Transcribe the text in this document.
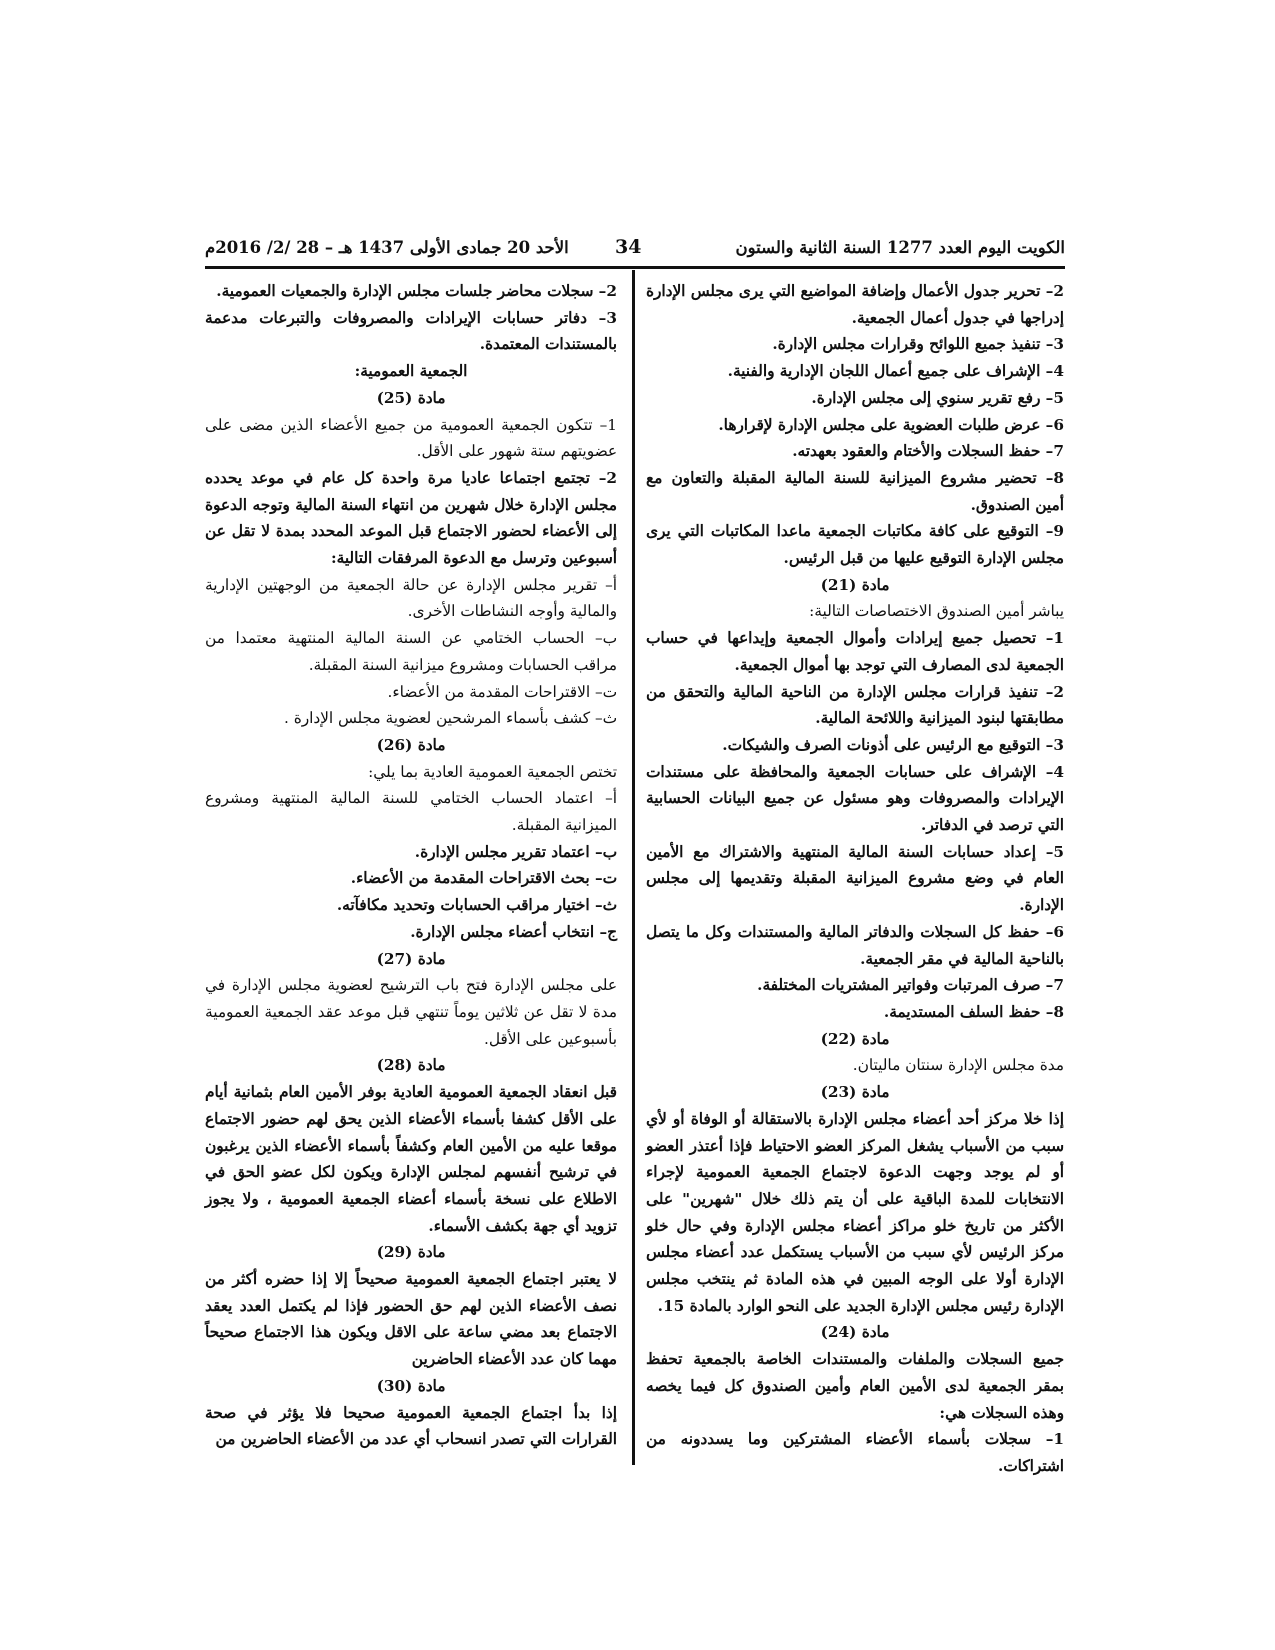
الكويت اليوم العدد 1277 السنة الثانية والستون
34
الأحد 20 جمادى الأولى 1437 هـ – 28 /2/ 2016م

2– تحرير جدول الأعمال وإضافة المواضيع التي يرى مجلس الإدارة إدراجها في جدول أعمال الجمعية.

3– تنفيذ جميع اللوائح وقرارات مجلس الإدارة.

4– الإشراف على جميع أعمال اللجان الإدارية والفنية.

5– رفع تقرير سنوي إلى مجلس الإدارة.

6– عرض طلبات العضوية على مجلس الإدارة لإقرارها.

7– حفظ السجلات والأختام والعقود بعهدته.

8– تحضير مشروع الميزانية للسنة المالية المقبلة والتعاون مع أمين الصندوق.

9– التوقيع على كافة مكاتبات الجمعية ماعدا المكاتبات التي يرى مجلس الإدارة التوقيع عليها من قبل الرئيس.

مادة (21)

يباشر أمين الصندوق الاختصاصات التالية:

1– تحصيل جميع إيرادات وأموال الجمعية وإيداعها في حساب الجمعية لدى المصارف التي توجد بها أموال الجمعية.

2– تنفيذ قرارات مجلس الإدارة من الناحية المالية والتحقق من مطابقتها لبنود الميزانية واللائحة المالية.

3– التوقيع مع الرئيس على أذونات الصرف والشيكات.

4– الإشراف على حسابات الجمعية والمحافظة على مستندات الإيرادات والمصروفات وهو مسئول عن جميع البيانات الحسابية التي ترصد في الدفاتر.

5– إعداد حسابات السنة المالية المنتهية والاشتراك مع الأمين العام في وضع مشروع الميزانية المقبلة وتقديمها إلى مجلس الإدارة.

6– حفظ كل السجلات والدفاتر المالية والمستندات وكل ما يتصل بالناحية المالية في مقر الجمعية.

7– صرف المرتبات وفواتير المشتريات المختلفة.

8– حفظ السلف المستديمة.

مادة (22)

مدة مجلس الإدارة سنتان ماليتان.

مادة (23)

إذا خلا مركز أحد أعضاء مجلس الإدارة بالاستقالة أو الوفاة أو لأي سبب من الأسباب يشغل المركز العضو الاحتياط فإذا أعتذر العضو أو لم يوجد وجهت الدعوة لاجتماع الجمعية العمومية لإجراء الانتخابات للمدة الباقية على أن يتم ذلك خلال "شهرين" على الأكثر من تاريخ خلو مراكز أعضاء مجلس الإدارة وفي حال خلو مركز الرئيس لأي سبب من الأسباب يستكمل عدد أعضاء مجلس الإدارة أولا على الوجه المبين في هذه المادة ثم ينتخب مجلس الإدارة رئيس مجلس الإدارة الجديد على النحو الوارد بالمادة 15.

مادة (24)

جميع السجلات والملفات والمستندات الخاصة بالجمعية تحفظ بمقر الجمعية لدى الأمين العام وأمين الصندوق كل فيما يخصه وهذه السجلات هي:

1– سجلات بأسماء الأعضاء المشتركين وما يسددونه من اشتراكات.

2– سجلات محاضر جلسات مجلس الإدارة والجمعيات العمومية.

3– دفاتر حسابات الإيرادات والمصروفات والتبرعات مدعمة بالمستندات المعتمدة.

الجمعية العمومية:

مادة (25)

1– تتكون الجمعية العمومية من جميع الأعضاء الذين مضى على عضويتهم ستة شهور على الأقل.

2– تجتمع اجتماعا عاديا مرة واحدة كل عام في موعد يحدده مجلس الإدارة خلال شهرين من انتهاء السنة المالية وتوجه الدعوة إلى الأعضاء لحضور الاجتماع قبل الموعد المحدد بمدة لا تقل عن أسبوعين وترسل مع الدعوة المرفقات التالية:

أ– تقرير مجلس الإدارة عن حالة الجمعية من الوجهتين الإدارية والمالية وأوجه النشاطات الأخرى.

ب– الحساب الختامي عن السنة المالية المنتهية معتمدا من مراقب الحسابات ومشروع ميزانية السنة المقبلة.

ت– الاقتراحات المقدمة من الأعضاء.

ث– كشف بأسماء المرشحين لعضوية مجلس الإدارة .

مادة (26)

تختص الجمعية العمومية العادية بما يلي:

أ– اعتماد الحساب الختامي للسنة المالية المنتهية ومشروع الميزانية المقبلة.

ب– اعتماد تقرير مجلس الإدارة.

ت– بحث الاقتراحات المقدمة من الأعضاء.

ث– اختيار مراقب الحسابات وتحديد مكافآته.

ج– انتخاب أعضاء مجلس الإدارة.

مادة (27)

على مجلس الإدارة فتح باب الترشيح لعضوية مجلس الإدارة في مدة لا تقل عن ثلاثين يوماً تنتهي قبل موعد عقد الجمعية العمومية بأسبوعين على الأقل.

مادة (28)

قبل انعقاد الجمعية العمومية العادية بوفر الأمين العام بثمانية أيام على الأقل كشفا بأسماء الأعضاء الذين يحق لهم حضور الاجتماع موقعا عليه من الأمين العام وكشفاً بأسماء الأعضاء الذين يرغبون في ترشيح أنفسهم لمجلس الإدارة ويكون لكل عضو الحق في الاطلاع على نسخة بأسماء أعضاء الجمعية العمومية ، ولا يجوز تزويد أي جهة بكشف الأسماء.

مادة (29)

لا يعتبر اجتماع الجمعية العمومية صحيحاً إلا إذا حضره أكثر من نصف الأعضاء الذين لهم حق الحضور فإذا لم يكتمل العدد يعقد الاجتماع بعد مضي ساعة على الاقل ويكون هذا الاجتماع صحيحاً مهما كان عدد الأعضاء الحاضرين

مادة (30)

إذا بدأ اجتماع الجمعية العمومية صحيحا فلا يؤثر في صحة القرارات التي تصدر انسحاب أي عدد من الأعضاء الحاضرين من
